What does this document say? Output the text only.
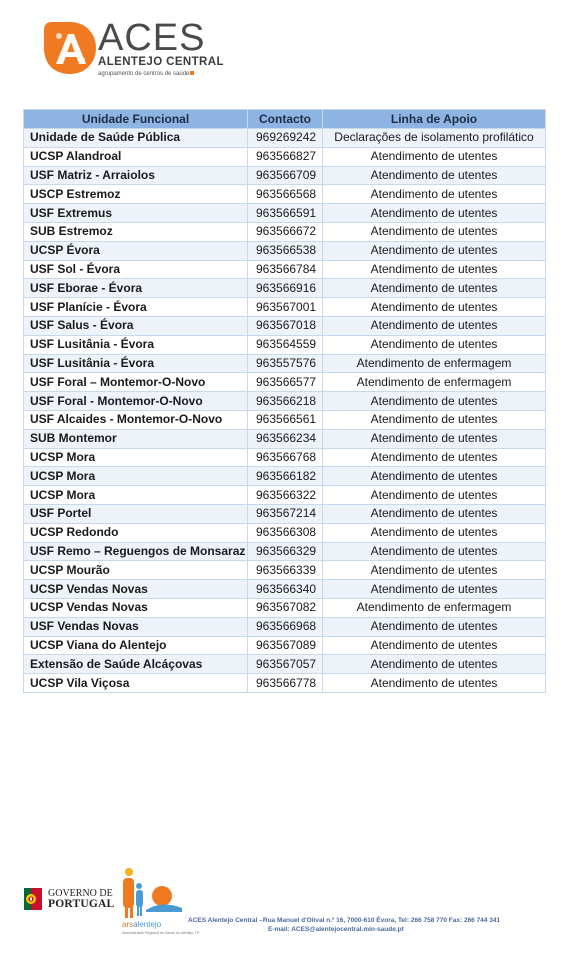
ACES
ALENTEJO CENTRAL
agrupamento de centros de saúde
Unidade Funcional	Contacto	Linha de Apoio
Unidade de Saúde Pública	969269242	Declarações de isolamento profilático
UCSP Alandroal	963566827	Atendimento de utentes
USF Matriz - Arraiolos	963566709	Atendimento de utentes
USCP Estremoz	963566568	Atendimento de utentes
USF Extremus	963566591	Atendimento de utentes
SUB Estremoz	963566672	Atendimento de utentes
UCSP Évora	963566538	Atendimento de utentes
USF Sol - Évora	963566784	Atendimento de utentes
USF Eborae - Évora	963566916	Atendimento de utentes
USF Planície - Évora	963567001	Atendimento de utentes
USF Salus - Évora	963567018	Atendimento de utentes
USF Lusitânia - Évora	963564559	Atendimento de utentes
USF Lusitânia - Évora	963557576	Atendimento de enfermagem
USF Foral – Montemor-O-Novo	963566577	Atendimento de enfermagem
USF Foral - Montemor-O-Novo	963566218	Atendimento de utentes
USF Alcaides - Montemor-O-Novo	963566561	Atendimento de utentes
SUB Montemor	963566234	Atendimento de utentes
UCSP Mora	963566768	Atendimento de utentes
UCSP Mora	963566182	Atendimento de utentes
UCSP Mora	963566322	Atendimento de utentes
USF Portel	963567214	Atendimento de utentes
UCSP Redondo	963566308	Atendimento de utentes
USF Remo – Reguengos de Monsaraz	963566329	Atendimento de utentes
UCSP Mourão	963566339	Atendimento de utentes
UCSP Vendas Novas	963566340	Atendimento de utentes
UCSP Vendas Novas	963567082	Atendimento de enfermagem
USF Vendas Novas	963566968	Atendimento de utentes
UCSP Viana do Alentejo	963567089	Atendimento de utentes
Extensão de Saúde Alcáçovas	963567057	Atendimento de utentes
UCSP Vila Viçosa	963566778	Atendimento de utentes
GOVERNO DE
PORTUGAL
arsalentejo
Administração Regional de Saúde do Alentejo, I.P.
ACES Alentejo Central –Rua Manuel d'Olival n.º 16, 7000-610 Évora, Tel: 266 758 770 Fax: 266 744 341
E-mail: ACES@alentejocentral.min-saude.pt
